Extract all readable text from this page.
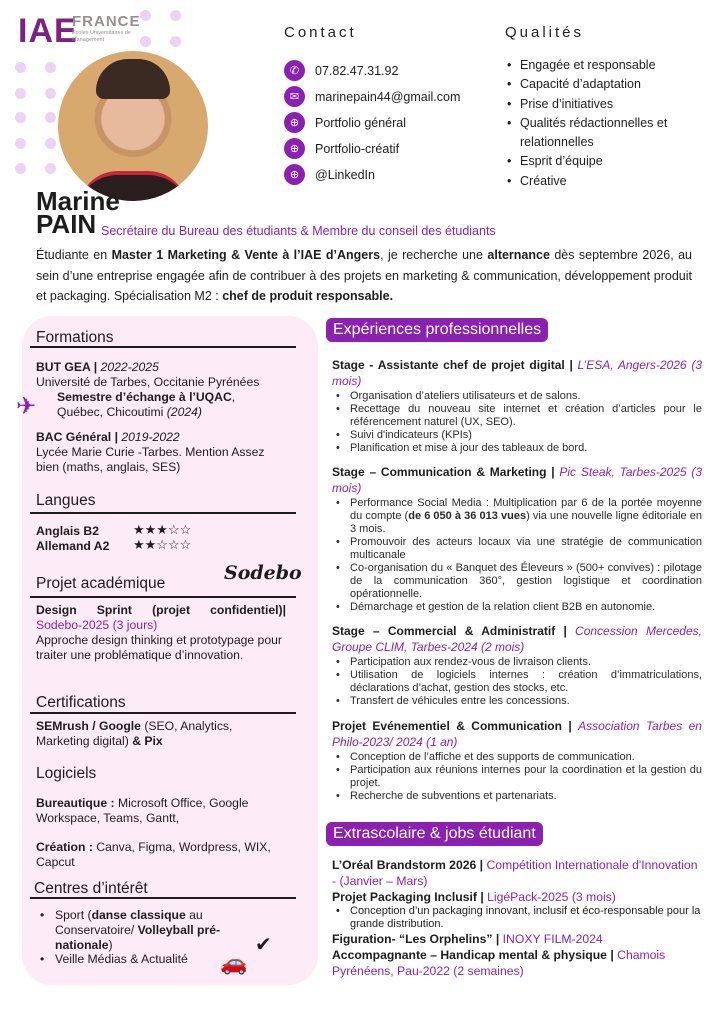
IAE
FRANCE
Écoles Universitaires de Management
Marine
PAIN Secrétaire du Bureau des étudiants & Membre du conseil des étudiants
Contact
✆	07.82.47.31.92
✉	marinepain44@gmail.com
⊕	Portfolio général
⊕	Portfolio-créatif
⊕	@LinkedIn
Qualités
• Engagée et responsable
• Capacité d’adaptation
• Prise d’initiatives
• Qualités rédactionnelles et relationnelles
• Esprit d’équipe
• Créative

Étudiante en Master 1 Marketing & Vente à l’IAE d’Angers, je recherche une alternance dès septembre 2026, au sein d’une entreprise engagée afin de contribuer à des projets en marketing & communication, développement produit et packaging. Spécialisation M2 : chef de produit responsable.

Formations
BUT GEA | 2022-2025
Université de Tarbes, Occitanie Pyrénées
✈ Semestre d’échange à l’UQAC,
Québec, Chicoutimi (2024)
BAC Général | 2019-2022
Lycée Marie Curie -Tarbes. Mention Assez bien (maths, anglais, SES)
Langues
Anglais B2	★★★☆☆
Allemand A2	★★☆☆☆
Projet académique	Sodebo
Design Sprint (projet confidentiel)|
Sodebo-2025 (3 jours)

Approche design thinking et prototypage pour traiter une problématique d’innovation.
Certifications
SEMrush / Google (SEO, Analytics, Marketing digital) & Pix
Logiciels
Bureautique : Microsoft Office, Google Workspace, Teams, Gantt,
Création : Canva, Figma, Wordpress, WIX, Capcut
Centres d’intérêt
• Sport (danse classique au Conservatoire/ Volleyball pré-nationale)
• Veille Médias & Actualité
✔
🚗
Expériences professionnelles
Stage - Assistante chef de projet digital | L’ESA, Angers-2026 (3 mois)
• Organisation d’ateliers utilisateurs et de salons.
• Recettage du nouveau site internet et création d’articles pour le référencement naturel (UX, SEO).
• Suivi d'indicateurs (KPIs)
• Planification et mise à jour des tableaux de bord.
Stage – Communication & Marketing | Pic Steak, Tarbes-2025 (3 mois)
• Performance Social Media : Multiplication par 6 de la portée moyenne du compte (de 6 050 à 36 013 vues) via une nouvelle ligne éditoriale en 3 mois.
• Promouvoir des acteurs locaux via une stratégie de communication multicanale
• Co-organisation du « Banquet des Éleveurs » (500+ convives) : pilotage de la communication 360°, gestion logistique et coordination opérationnelle.
• Démarchage et gestion de la relation client B2B en autonomie.
Stage – Commercial & Administratif | Concession Mercedes, Groupe CLIM, Tarbes-2024 (2 mois)
• Participation aux rendez-vous de livraison clients.
• Utilisation de logiciels internes : création d’immatriculations, déclarations d’achat, gestion des stocks, etc.
• Transfert de véhicules entre les concessions.
Projet Evénementiel & Communication | Association Tarbes en Philo-2023/ 2024 (1 an)
• Conception de l’affiche et des supports de communication.
• Participation aux réunions internes pour la coordination et la gestion du projet.
• Recherche de subventions et partenariats.
Extrascolaire & jobs étudiant
L’Oréal Brandstorm 2026 | Compétition Internationale d'Innovation - (Janvier – Mars)
Projet Packaging Inclusif | LigéPack-2025 (3 mois)
• Conception d’un packaging innovant, inclusif et éco-responsable pour la grande distribution.
Figuration- “Les Orphelins” | INOXY FILM-2024
Accompagnante – Handicap mental & physique | Chamois Pyrénéens, Pau-2022 (2 semaines)
